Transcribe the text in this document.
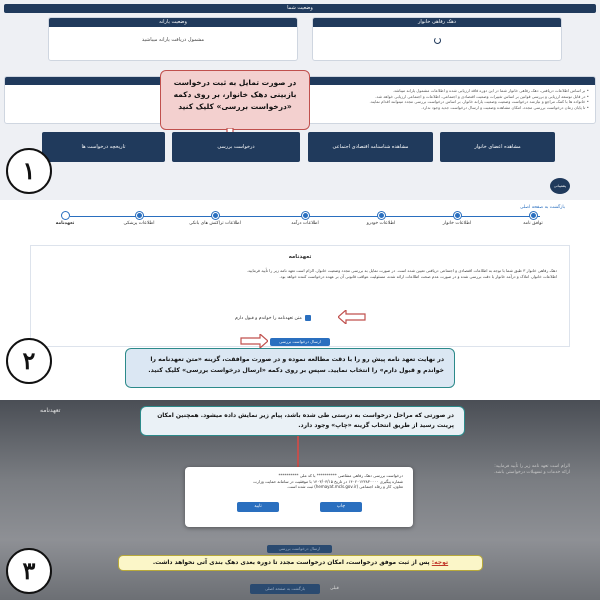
وضعیت شما
وضعیت یارانه
مشمول دریافت یارانه میباشید
دهک رفاهی خانوار
• بر اساس اطلاعات دریافتی، دهک رفاهی خانوار شما در این دوره فاقد ارزیابی شده و اطلاعات مشمول یارانه میباشد.
• در قابل توسعه ارزیابی و بررسی قوانین بر اساس تغییرات وضعیت اقتصادی و اجتماعی، اطلاعات و اجتماعی ارزیابی خواهد شد.
• خانواده ها با کمک مراجع و نیازمند درخواست وضعیت وضعیت یارانه خانوار، بر اساس درخواست بررسی مجدد میتوانند اقدام نمایند.
• تا پایان زمان درخواست بررسی مجدد، امکان مشاهده وضعیت و ارسال درخواست جدید وجود ندارد.
در صورت تمایل به ثبت درخواست بازبینی دهک خانوار، بر روی دکمه «درخواست بررسی» کلیک کنید
مشاهده اعضای خانوار
مشاهده شناسنامه اقتصادی اجتماعی
درخواست بررسی
تاریخچه درخواست ها
۱
پشتیبانی
بازگشت به صفحه اصلی
توافق نامه
اطلاعات خانوار
اطلاعات خودرو
اطلاعات درآمد
اطلاعات تراکنش های بانکی
اطلاعات پزشکی
تعهدنامه
تعهدنامه
دهک رفاهی خانوار ۳ طبق شما با توجه به اطلاعات اقتصادی و اجتماعی دریافتی تعیین شده است. در صورت تمایل به بررسی مجدد وضعیت خانوار، الزام است تعهد نامه زیر را تأیید فرمایید.
اطلاعات خانوار، املاک و درآمد خانوار با دقت بررسی شده و در صورت عدم صحت اطلاعات ارائه شده، مسئولیت عواقب قانونی آن بر عهده درخواست کننده خواهد بود.
متن تعهدنامه را خواندم و قبول دارم
ارسال درخواست بررسی
در نهایت تعهد نامه پیش رو را با دقت مطالعه نموده و در صورت موافقت، گزینه «متن تعهدنامه را خواندم و قبول دارم» را انتخاب نمایید. سپس بر روی دکمه «ارسال درخواست بررسی» کلیک کنید.
۲
تعهدنامه
الزام است تعهد نامه زیر را تأیید فرمایید:
ارائه خدمات و تسهیلات درخواستی باشد.
در صورتی که مراحل درخواست به درستی طی شده باشد، پیام زیر نمایش داده میشود. همچنین امکان پرینت رسید از طریق انتخاب گزینه «چاپ» وجود دارد.
درخواست بررسی دهک رفاهی متقاضی ********** با کد ملی **********
شماره پیگیری ۱۴۰۲۰۱۲۳۸۳۰۰۰۰ در تاریخ ۱۴۰۳/۰۳/۱۵ با موفقیت در سامانه حمایت وزارت
تعاون، کار و رفاه اجتماعی (hemayat.mcls.gov.ir) ثبت شده است.
چاپ
تایید
ارسال درخواست بررسی
توجه: پس از ثبت موفق درخواست، امکان درخواست مجدد تا دوره بعدی دهک بندی آتی نخواهد داشت.
بازگشت به صفحه اصلی	قبلی
۳
